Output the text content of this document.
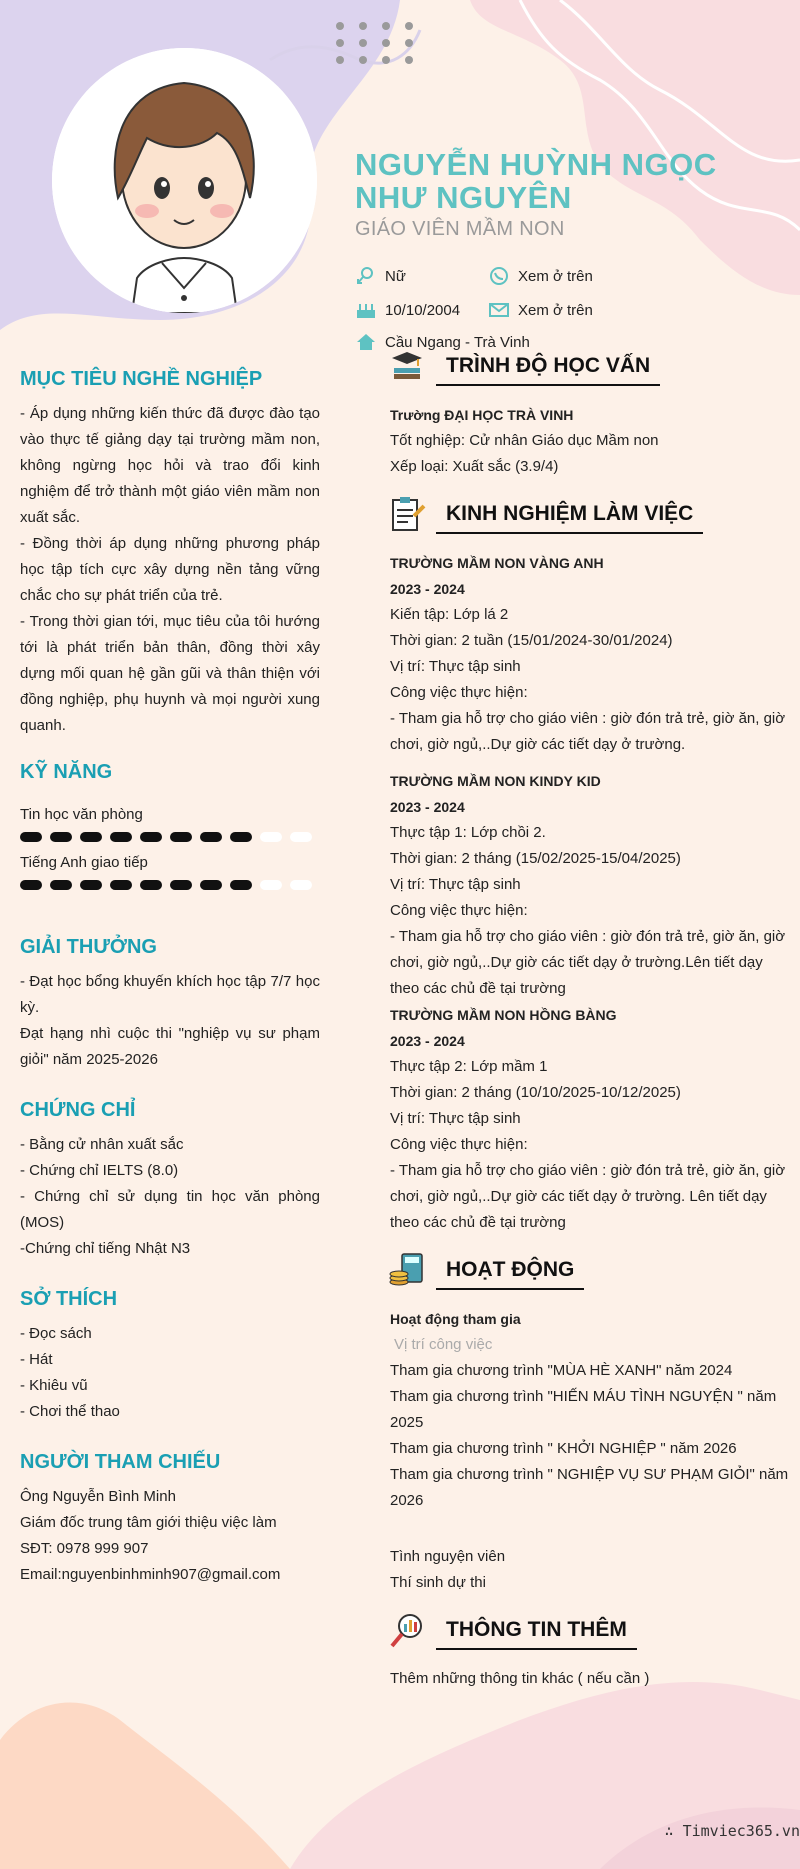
NGUYỄN HUỲNH NGỌC NHƯ NGUYÊN
GIÁO VIÊN MẦM NON
Nữ
10/10/2004
Cầu Ngang - Trà Vinh
Xem ở trên
Xem ở trên
MỤC TIÊU NGHỀ NGHIỆP
- Áp dụng những kiến thức đã được đào tạo vào thực tế giảng dạy tại trường mầm non, không ngừng học hỏi và trao đổi kinh nghiệm để trở thành một giáo viên mầm non xuất sắc.
- Đồng thời áp dụng những phương pháp học tập tích cực xây dựng nền tảng vững chắc cho sự phát triển của trẻ.
- Trong thời gian tới, mục tiêu của tôi hướng tới là phát triển bản thân, đồng thời xây dựng mối quan hệ gần gũi và thân thiện với đồng nghiệp, phụ huynh và mọi người xung quanh.
KỸ NĂNG
Tin học văn phòng
Tiếng Anh giao tiếp
GIẢI THƯỞNG
- Đạt học bổng khuyến khích học tập 7/7 học kỳ.
Đạt hạng nhì cuộc thi "nghiệp vụ sư phạm giỏi" năm 2025-2026
CHỨNG CHỈ
- Bằng cử nhân xuất sắc
- Chứng chỉ IELTS (8.0)
- Chứng chỉ sử dụng tin học văn phòng (MOS)
-Chứng chỉ tiếng Nhật N3
SỞ THÍCH
- Đọc sách
- Hát
- Khiêu vũ
- Chơi thể thao
NGƯỜI THAM CHIẾU
Ông Nguyễn Bình Minh
Giám đốc trung tâm giới thiệu việc làm
SĐT: 0978 999 907
Email:nguyenbinhminh907@gmail.com
TRÌNH ĐỘ HỌC VẤN
Trường ĐẠI HỌC TRÀ VINH
Tốt nghiệp: Cử nhân Giáo dục Mầm non
Xếp loại: Xuất sắc (3.9/4)
KINH NGHIỆM LÀM VIỆC
TRƯỜNG MẦM NON VÀNG ANH
2023 - 2024
Kiến tập: Lớp lá 2
Thời gian: 2 tuần (15/01/2024-30/01/2024)
Vị trí: Thực tập sinh
Công việc thực hiện:
- Tham gia hỗ trợ cho giáo viên : giờ đón trả trẻ, giờ ăn, giờ chơi, giờ ngủ,..Dự giờ các tiết dạy ở trường.
TRƯỜNG MẦM NON KINDY KID
2023 - 2024
Thực tập 1: Lớp chồi 2.
Thời gian: 2 tháng (15/02/2025-15/04/2025)
Vị trí: Thực tập sinh
Công việc thực hiện:
- Tham gia hỗ trợ cho giáo viên : giờ đón trả trẻ, giờ ăn, giờ chơi, giờ ngủ,..Dự giờ các tiết dạy ở trường.Lên tiết dạy theo các chủ đề tại trường
TRƯỜNG MẦM NON HỒNG BÀNG
2023 - 2024
Thực tập 2: Lớp mầm 1
Thời gian: 2 tháng (10/10/2025-10/12/2025)
Vị trí: Thực tập sinh
Công việc thực hiện:
- Tham gia hỗ trợ cho giáo viên : giờ đón trả trẻ, giờ ăn, giờ chơi, giờ ngủ,..Dự giờ các tiết dạy ở trường. Lên tiết dạy theo các chủ đề tại trường
HOẠT ĐỘNG
Hoạt động tham gia
Vị trí công việc
Tham gia chương trình "MÙA HÈ XANH" năm 2024
Tham gia chương trình "HIẾN MÁU TÌNH NGUYỆN " năm 2025
Tham gia chương trình " KHỞI NGHIỆP " năm 2026
Tham gia chương trình " NGHIỆP VỤ SƯ PHẠM GIỎI" năm 2026
Tình nguyện viên
Thí sinh dự thi
THÔNG TIN THÊM
Thêm những thông tin khác ( nếu cần )
∴ Timviec365.vn
